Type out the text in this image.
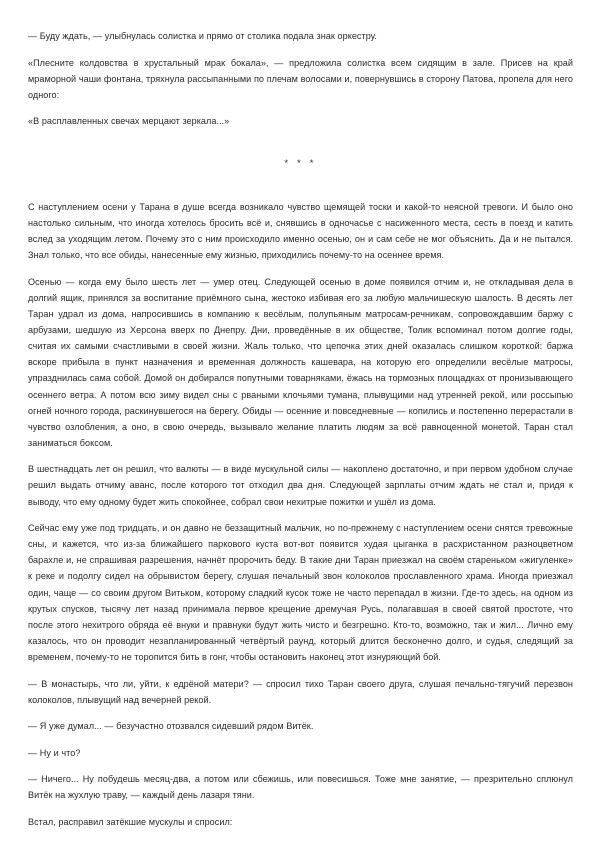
— Буду ждать, — улыбнулась солистка и прямо от столика подала знак оркестру.

«Плесните колдовства в хрустальный мрак бокала», — предложила солистка всем сидящим в зале. Присев на край мраморной чаши фонтана, тряхнула рассыпанными по плечам волосами и, повернувшись в сторону Патова, пропела для него одного:

«В расплавленных свечах мерцают зеркала...»

* * *

С наступлением осени у Тарана в душе всегда возникало чувство щемящей тоски и какой-то неясной тревоги. И было оно настолько сильным, что иногда хотелось бросить всё и, снявшись в одночасье с насиженного места, сесть в поезд и катить вслед за уходящим летом. Почему это с ним происходило именно осенью, он и сам себе не мог объяснить. Да и не пытался. Знал только, что все обиды, нанесенные ему жизнью, приходились почему-то на осеннее время.

Осенью — когда ему было шесть лет — умер отец. Следующей осенью в доме появился отчим и, не откладывая дела в долгий ящик, принялся за воспитание приёмного сына, жестоко избивая его за любую мальчишескую шалость. В десять лет Таран удрал из дома, напросившись в компанию к весёлым, полупьяным матросам-речникам, сопровождавшим баржу с арбузами, шедшую из Херсона вверх по Днепру. Дни, проведённые в их обществе, Толик вспоминал потом долгие годы, считая их самыми счастливыми в своей жизни. Жаль только, что цепочка этих дней оказалась слишком короткой: баржа вскоре прибыла в пункт назначения и временная должность кашевара, на которую его определили весёлые матросы, упразднилась сама собой. Домой он добирался попутными товарняками, ёжась на тормозных площадках от пронизывающего осеннего ветра. А потом всю зиму видел сны с рваными клочьями тумана, плывущими над утренней рекой, или россыпью огней ночного города, раскинувшегося на берегу. Обиды — осенние и повседневные — копились и постепенно перерастали в чувство озлобления, а оно, в свою очередь, вызывало желание платить людям за всё равноценной монетой. Таран стал заниматься боксом.

В шестнадцать лет он решил, что валюты — в виде мускульной силы — накоплено достаточно, и при первом удобном случае решил выдать отчиму аванс, после которого тот отходил два дня. Следующей зарплаты отчим ждать не стал и, придя к выводу, что ему одному будет жить спокойнее, собрал свои нехитрые пожитки и ушёл из дома.

Сейчас ему уже под тридцать, и он давно не беззащитный мальчик, но по-прежнему с наступлением осени снятся тревожные сны, и кажется, что из-за ближайшего паркового куста вот-вот появится худая цыганка в расхристанном разноцветном барахле и, не спрашивая разрешения, начнёт пророчить беду. В такие дни Таран приезжал на своём стареньком «жигуленке» к реке и подолгу сидел на обрывистом берегу, слушая печальный звон колоколов прославленного храма. Иногда приезжал один, чаще — со своим другом Витьком, которому сладкий кусок тоже не часто перепадал в жизни. Где-то здесь, на одном из крутых спусков, тысячу лет назад принимала первое крещение дремучая Русь, полагавшая в своей святой простоте, что после этого нехитрого обряда её внуки и правнуки будут жить чисто и безгрешно. Кто-то, возможно, так и жил... Лично ему казалось, что он проводит незапланированный четвёртый раунд, который длится бесконечно долго, и судья, следящий за временем, почему-то не торопится бить в гонг, чтобы остановить наконец этот изнуряющий бой.

— В монастырь, что ли, уйти, к едрёной матери? — спросил тихо Таран своего друга, слушая печально-тягучий перезвон колоколов, плывущий над вечерней рекой.

— Я уже думал... — безучастно отозвался сидевший рядом Витёк.

— Ну и что?

— Ничего... Ну побудешь месяц-два, а потом или сбежишь, или повесишься. Тоже мне занятие, — презрительно сплюнул Витёк на жухлую траву, — каждый день лазаря тяни.

Встал, расправил затёкшие мускулы и спросил:
